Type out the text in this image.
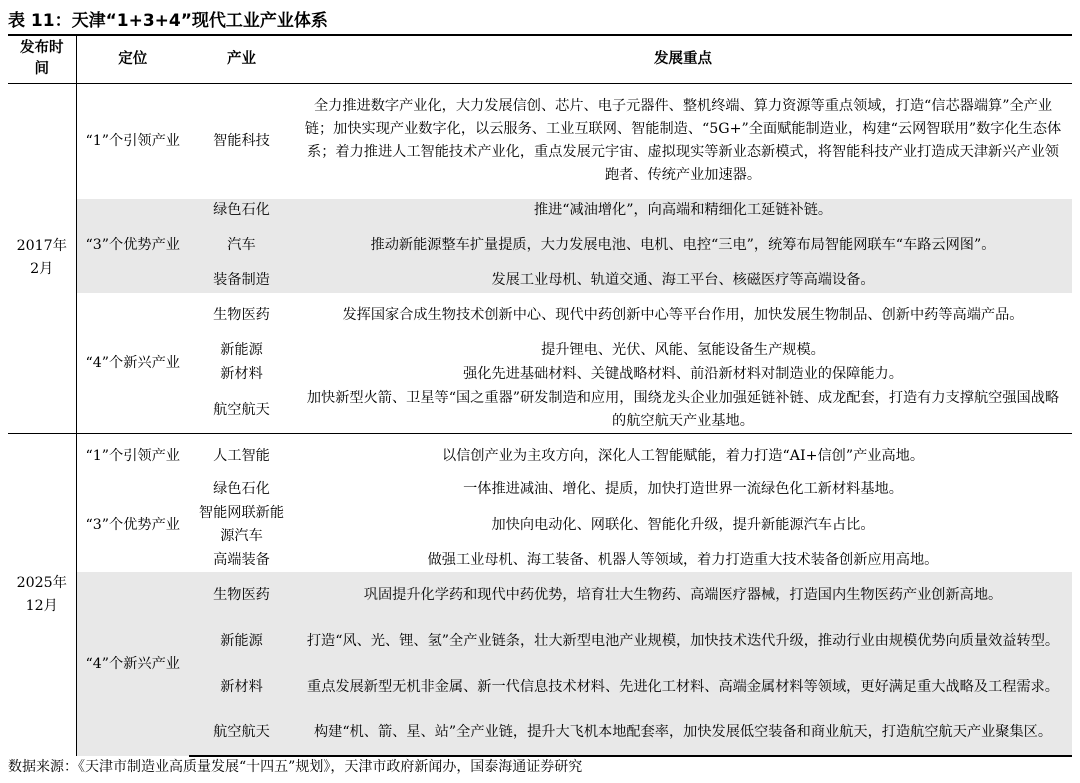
表 11：天津“1+3+4”现代工业产业体系
发布时间	定位	产业	发展重点
2017年2月	“1”个引领产业	智能科技	全力推进数字产业化，大力发展信创、芯片、电子元器件、整机终端、算力资源等重点领域，打造“信芯器端算”全产业链；加快实现产业数字化，以云服务、工业互联网、智能制造、“5G+”全面赋能制造业，构建“云网智联用”数字化生态体系；着力推进人工智能技术产业化，重点发展元宇宙、虚拟现实等新业态新模式，将智能科技产业打造成天津新兴产业领跑者、传统产业加速器。
	“3”个优势产业	绿色石化	推进“减油增化”，向高端和精细化工延链补链。
		汽车	推动新能源整车扩量提质，大力发展电池、电机、电控“三电”，统筹布局智能网联车“车路云网图”。
		装备制造	发展工业母机、轨道交通、海工平台、核磁医疗等高端设备。
	“4”个新兴产业	生物医药	发挥国家合成生物技术创新中心、现代中药创新中心等平台作用，加快发展生物制品、创新中药等高端产品。
		新能源	提升锂电、光伏、风能、氢能设备生产规模。
		新材料	强化先进基础材料、关键战略材料、前沿新材料对制造业的保障能力。
		航空航天	加快新型火箭、卫星等“国之重器”研发制造和应用，围绕龙头企业加强延链补链、成龙配套，打造有力支撑航空强国战略的航空航天产业基地。
2025年12月	“1”个引领产业	人工智能	以信创产业为主攻方向，深化人工智能赋能，着力打造“AI+信创”产业高地。
	“3”个优势产业	绿色石化	一体推进减油、增化、提质，加快打造世界一流绿色化工新材料基地。
		智能网联新能源汽车	加快向电动化、网联化、智能化升级，提升新能源汽车占比。
		高端装备	做强工业母机、海工装备、机器人等领域，着力打造重大技术装备创新应用高地。
	“4”个新兴产业	生物医药	巩固提升化学药和现代中药优势，培育壮大生物药、高端医疗器械，打造国内生物医药产业创新高地。
		新能源	打造“风、光、锂、氢”全产业链条，壮大新型电池产业规模，加快技术迭代升级，推动行业由规模优势向质量效益转型。
		新材料	重点发展新型无机非金属、新一代信息技术材料、先进化工材料、高端金属材料等领域，更好满足重大战略及工程需求。
		航空航天	构建“机、箭、星、站”全产业链，提升大飞机本地配套率，加快发展低空装备和商业航天，打造航空航天产业聚集区。
数据来源：《天津市制造业高质量发展“十四五”规划》，天津市政府新闻办，国泰海通证券研究
